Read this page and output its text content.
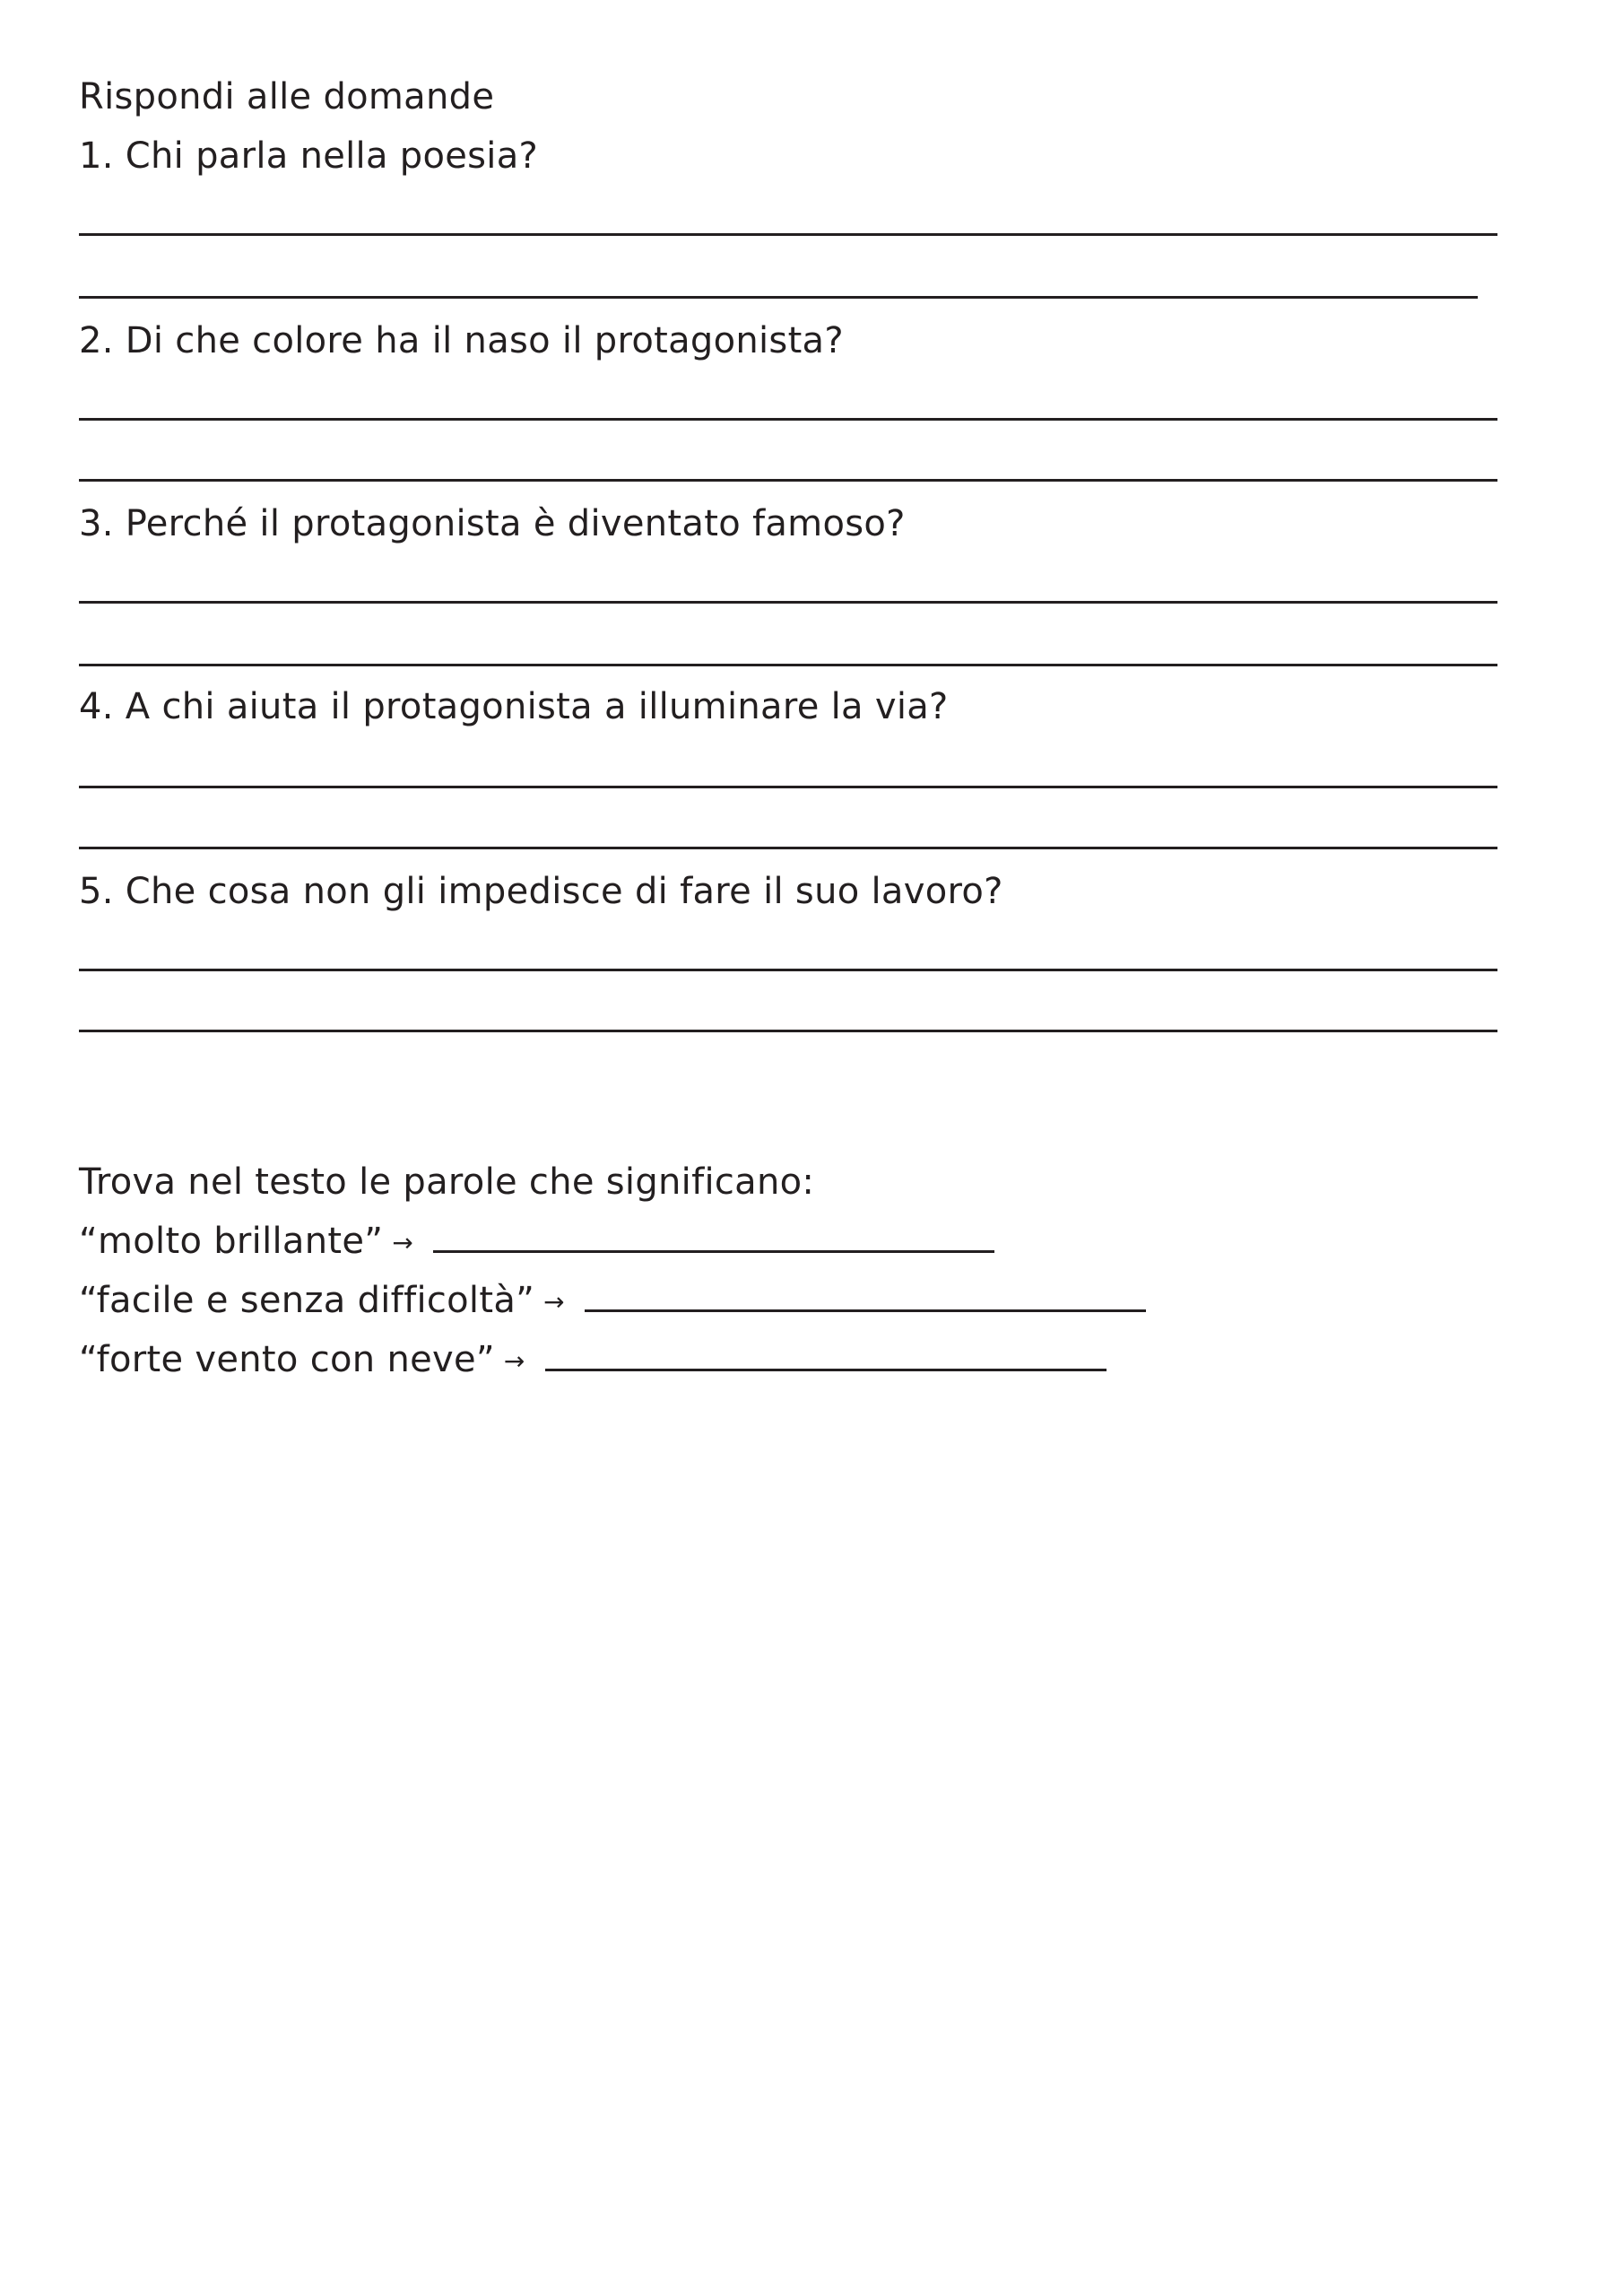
Rispondi alle domande
1. Chi parla nella poesia?
2. Di che colore ha il naso il protagonista?
3. Perché il protagonista è diventato famoso?
4. A chi aiuta il protagonista a illuminare la via?
5. Che cosa non gli impedisce di fare il suo lavoro?
Trova nel testo le parole che significano:
“molto brillante” →
“facile e senza difficoltà” →
“forte vento con neve” →
